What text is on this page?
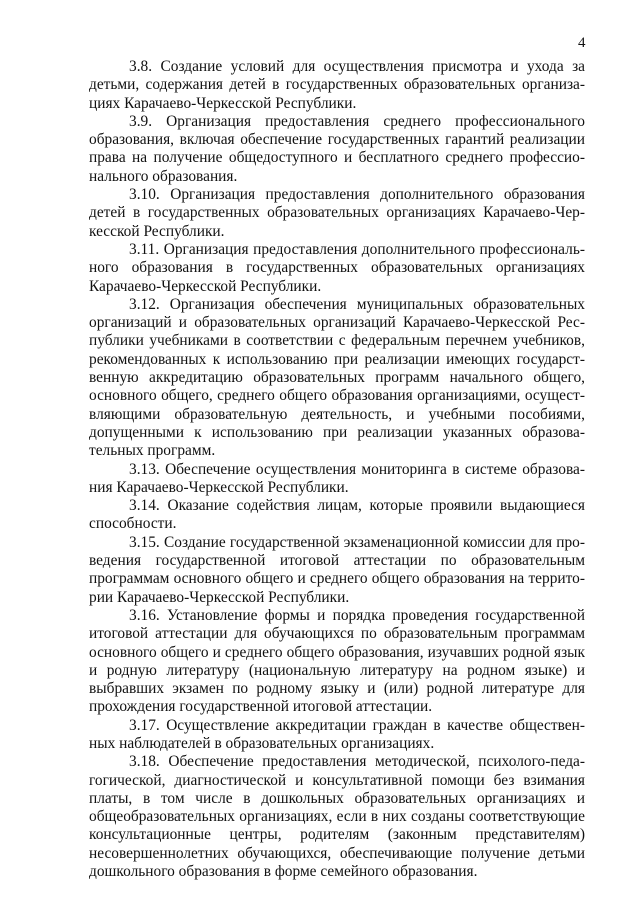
4

3.8. Создание условий для осуществления присмотра и ухода за детьми, содержания детей в государственных образовательных организациях Карачаево-Черкесской Республики.

3.9. Организация предоставления среднего профессионального образования, включая обеспечение государственных гарантий реализации права на получение общедоступного и бесплатного среднего профессионального образования.

3.10. Организация предоставления дополнительного образования детей в государственных образовательных организациях Карачаево-Черкесской Республики.

3.11. Организация предоставления дополнительного профессионального образования в государственных образовательных организациях Карачаево-Черкесской Республики.

3.12. Организация обеспечения муниципальных образовательных организаций и образовательных организаций Карачаево-Черкесской Республики учебниками в соответствии с федеральным перечнем учебников, рекомендованных к использованию при реализации имеющих государственную аккредитацию образовательных программ начального общего, основного общего, среднего общего образования организациями, осуществляющими образовательную деятельность, и учебными пособиями, допущенными к использованию при реализации указанных образовательных программ.

3.13. Обеспечение осуществления мониторинга в системе образования Карачаево-Черкесской Республики.

3.14. Оказание содействия лицам, которые проявили выдающиеся способности.

3.15. Создание государственной экзаменационной комиссии для проведения государственной итоговой аттестации по образовательным программам основного общего и среднего общего образования на территории Карачаево-Черкесской Республики.

3.16. Установление формы и порядка проведения государственной итоговой аттестации для обучающихся по образовательным программам основного общего и среднего общего образования, изучавших родной язык и родную литературу (национальную литературу на родном языке) и выбравших экзамен по родному языку и (или) родной литературе для прохождения государственной итоговой аттестации.

3.17. Осуществление аккредитации граждан в качестве общественных наблюдателей в образовательных организациях.

3.18. Обеспечение предоставления методической, психолого-педагогической, диагностической и консультативной помощи без взимания платы, в том числе в дошкольных образовательных организациях и общеобразовательных организациях, если в них созданы соответствующие консультационные центры, родителям (законным представителям) несовершеннолетних обучающихся, обеспечивающие получение детьми дошкольного образования в форме семейного образования.
